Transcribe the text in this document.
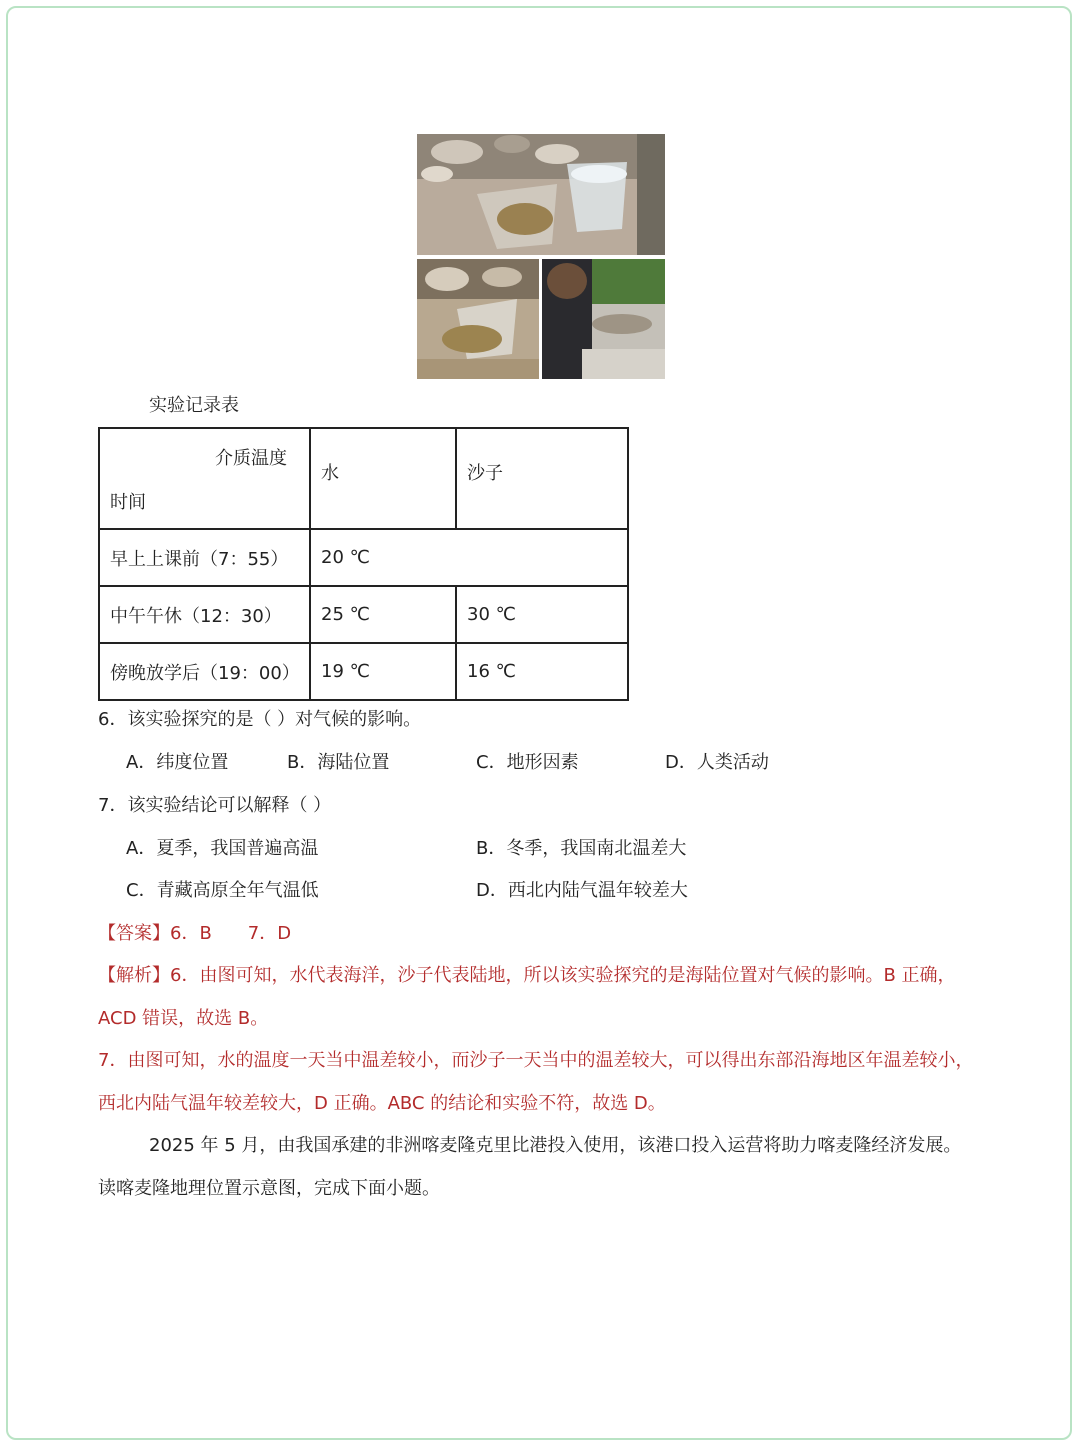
实验记录表
介质温度
时间	水	沙子
早上上课前（7：55）	20 ℃	
中午午休（12：30）	25 ℃	30 ℃
傍晚放学后（19：00）	19 ℃	16 ℃
6．该实验探究的是（ ）对气候的影响。
A．纬度位置	B．海陆位置	C．地形因素	D．人类活动
7．该实验结论可以解释（ ）
A．夏季，我国普遍高温	B．冬季，我国南北温差大
C．青藏高原全年气温低	D．西北内陆气温年较差大
【答案】6．B　　7．D
【解析】6．由图可知，水代表海洋，沙子代表陆地，所以该实验探究的是海陆位置对气候的影响。B 正确，
ACD 错误，故选 B。
7．由图可知，水的温度一天当中温差较小，而沙子一天当中的温差较大，可以得出东部沿海地区年温差较小，
西北内陆气温年较差较大，D 正确。ABC 的结论和实验不符，故选 D。
2025 年 5 月，由我国承建的非洲喀麦隆克里比港投入使用，该港口投入运营将助力喀麦隆经济发展。
读喀麦隆地理位置示意图，完成下面小题。
